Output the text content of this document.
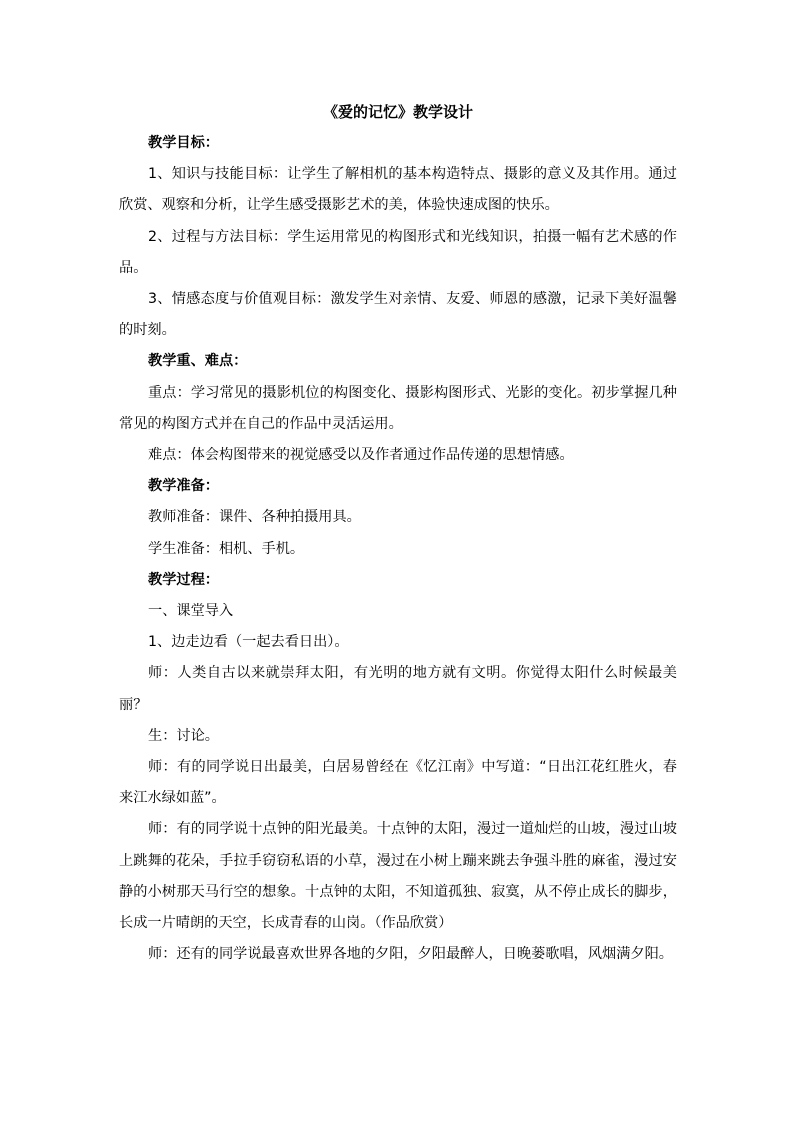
《爱的记忆》教学设计

教学目标：

1、知识与技能目标：让学生了解相机的基本构造特点、摄影的意义及其作用。通过欣赏、观察和分析，让学生感受摄影艺术的美，体验快速成图的快乐。

2、过程与方法目标：学生运用常见的构图形式和光线知识，拍摄一幅有艺术感的作品。

3、情感态度与价值观目标：激发学生对亲情、友爱、师恩的感激，记录下美好温馨的时刻。

教学重、难点：

重点：学习常见的摄影机位的构图变化、摄影构图形式、光影的变化。初步掌握几种常见的构图方式并在自己的作品中灵活运用。

难点：体会构图带来的视觉感受以及作者通过作品传递的思想情感。

教学准备：

教师准备：课件、各种拍摄用具。

学生准备：相机、手机。

教学过程：

一、课堂导入

1、边走边看（一起去看日出）。

师：人类自古以来就崇拜太阳，有光明的地方就有文明。你觉得太阳什么时候最美丽？

生：讨论。

师：有的同学说日出最美，白居易曾经在《忆江南》中写道：“日出江花红胜火，春来江水绿如蓝”。

师：有的同学说十点钟的阳光最美。十点钟的太阳，漫过一道灿烂的山坡，漫过山坡上跳舞的花朵，手拉手窃窃私语的小草，漫过在小树上蹦来跳去争强斗胜的麻雀，漫过安静的小树那天马行空的想象。十点钟的太阳，不知道孤独、寂寞，从不停止成长的脚步，长成一片晴朗的天空，长成青春的山岗。（作品欣赏）

师：还有的同学说最喜欢世界各地的夕阳，夕阳最醉人，日晚蒌歌唱，风烟满夕阳。
